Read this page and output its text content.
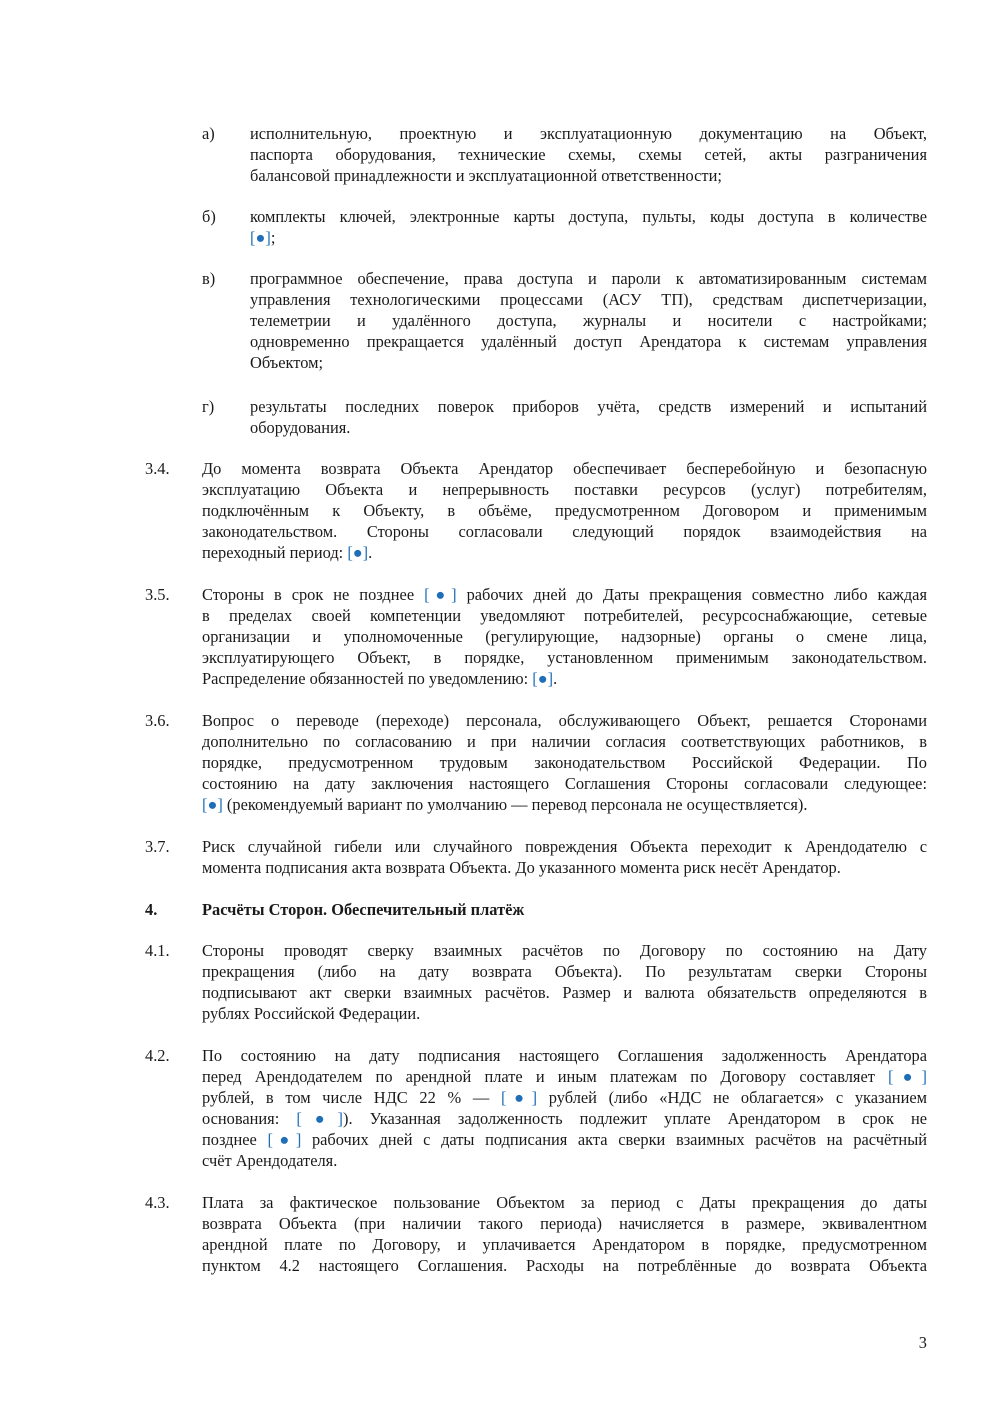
а) исполнительную, проектную и эксплуатационную документацию на Объект,
паспорта оборудования, технические схемы, схемы сетей, акты разграничения
балансовой принадлежности и эксплуатационной ответственности;
б) комплекты ключей, электронные карты доступа, пульты, коды доступа в количестве
[●];
в) программное обеспечение, права доступа и пароли к автоматизированным системам
управления технологическими процессами (АСУ ТП), средствам диспетчеризации,
телеметрии и удалённого доступа, журналы и носители с настройками;
одновременно прекращается удалённый доступ Арендатора к системам управления
Объектом;
г) результаты последних поверок приборов учёта, средств измерений и испытаний
оборудования.
3.4. До момента возврата Объекта Арендатор обеспечивает бесперебойную и безопасную
эксплуатацию Объекта и непрерывность поставки ресурсов (услуг) потребителям,
подключённым к Объекту, в объёме, предусмотренном Договором и применимым
законодательством. Стороны согласовали следующий порядок взаимодействия на
переходный период: [●].
3.5. Стороны в срок не позднее [●] рабочих дней до Даты прекращения совместно либо каждая
в пределах своей компетенции уведомляют потребителей, ресурсоснабжающие, сетевые
организации и уполномоченные (регулирующие, надзорные) органы о смене лица,
эксплуатирующего Объект, в порядке, установленном применимым законодательством.
Распределение обязанностей по уведомлению: [●].
3.6. Вопрос о переводе (переходе) персонала, обслуживающего Объект, решается Сторонами
дополнительно по согласованию и при наличии согласия соответствующих работников, в
порядке, предусмотренном трудовым законодательством Российской Федерации. По
состоянию на дату заключения настоящего Соглашения Стороны согласовали следующее:
[●] (рекомендуемый вариант по умолчанию — перевод персонала не осуществляется).
3.7. Риск случайной гибели или случайного повреждения Объекта переходит к Арендодателю с
момента подписания акта возврата Объекта. До указанного момента риск несёт Арендатор.
4.	Расчёты Сторон. Обеспечительный платёж
4.1. Стороны проводят сверку взаимных расчётов по Договору по состоянию на Дату
прекращения (либо на дату возврата Объекта). По результатам сверки Стороны
подписывают акт сверки взаимных расчётов. Размер и валюта обязательств определяются в
рублях Российской Федерации.
4.2. По состоянию на дату подписания настоящего Соглашения задолженность Арендатора
перед Арендодателем по арендной плате и иным платежам по Договору составляет [●]
рублей, в том числе НДС 22 % — [●] рублей (либо «НДС не облагается» с указанием
основания: [●]). Указанная задолженность подлежит уплате Арендатором в срок не
позднее [●] рабочих дней с даты подписания акта сверки взаимных расчётов на расчётный
счёт Арендодателя.
4.3. Плата за фактическое пользование Объектом за период с Даты прекращения до даты
возврата Объекта (при наличии такого периода) начисляется в размере, эквивалентном
арендной плате по Договору, и уплачивается Арендатором в порядке, предусмотренном
пунктом 4.2 настоящего Соглашения. Расходы на потреблённые до возврата Объекта
3
